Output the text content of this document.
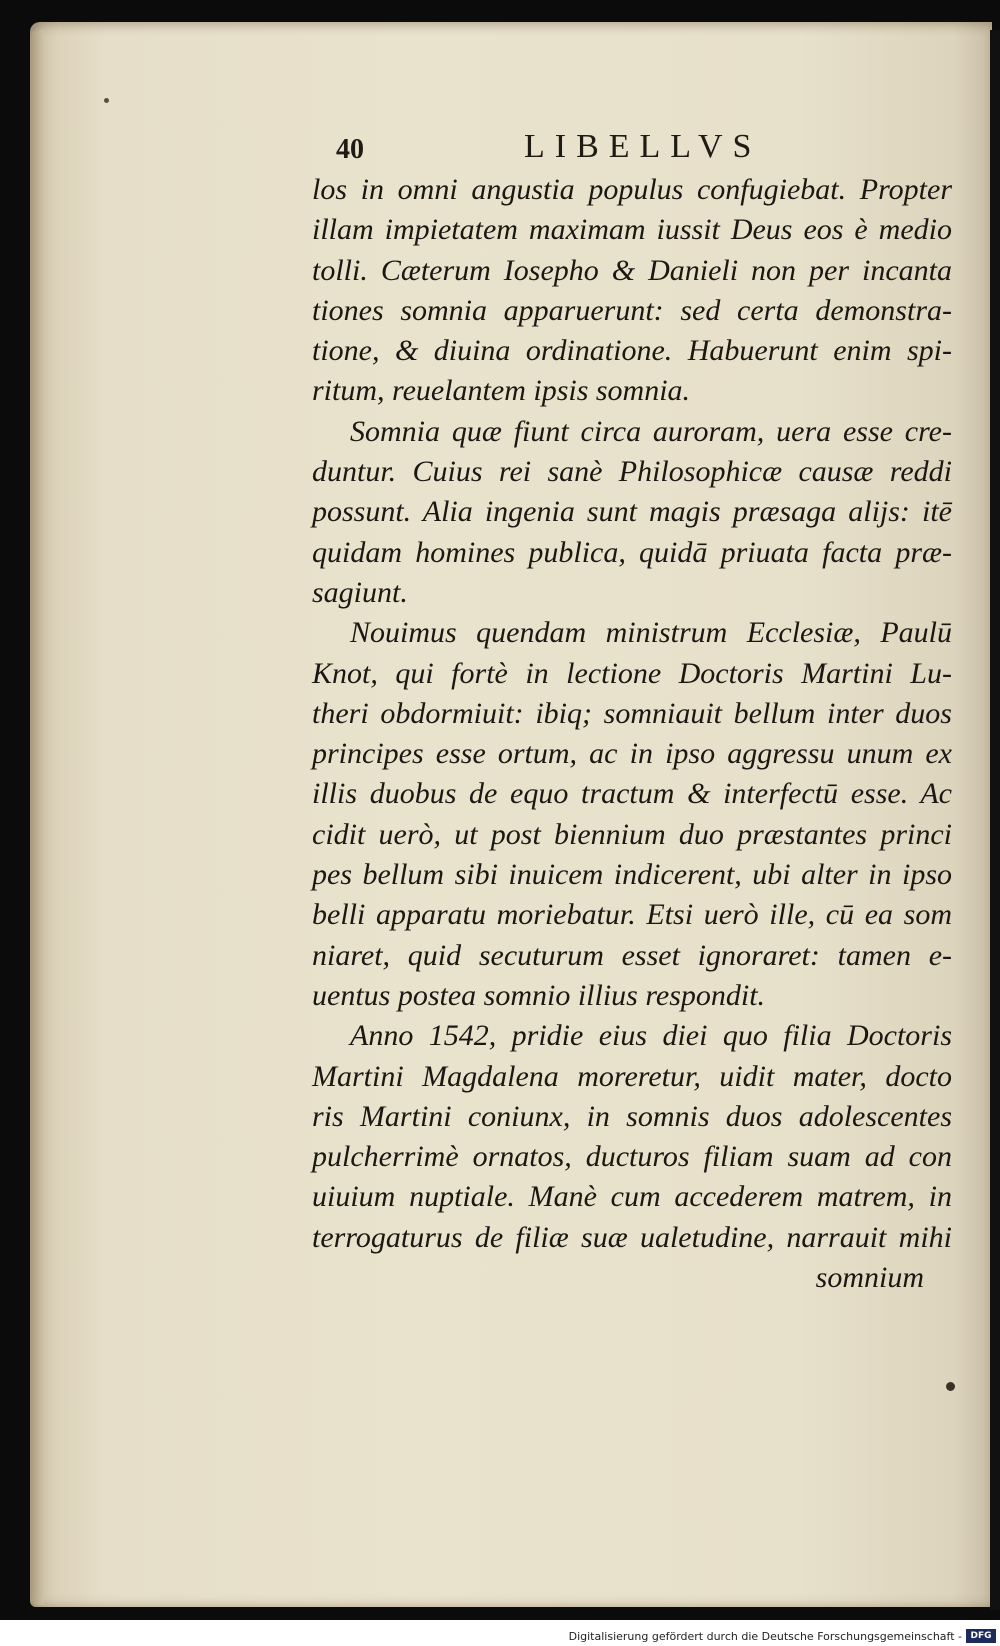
40	LIBELLVS
los in omni angustia populus confugiebat. Propter
illam impietatem maximam iussit Deus eos è medio
tolli. Cæterum Iosepho & Danieli non per incanta
tiones somnia apparuerunt: sed certa demonstra-
tione, & diuina ordinatione. Habuerunt enim spi-
ritum, reuelantem ipsis somnia.
Somnia quæ fiunt circa auroram, uera esse cre-
duntur. Cuius rei sanè Philosophicæ causæ reddi
possunt. Alia ingenia sunt magis præsaga alijs: itē
quidam homines publica, quidā priuata facta præ-
sagiunt.
Nouimus quendam ministrum Ecclesiæ, Paulū
Knot, qui fortè in lectione Doctoris Martini Lu-
theri obdormiuit: ibiq; somniauit bellum inter duos
principes esse ortum, ac in ipso aggressu unum ex
illis duobus de equo tractum & interfectū esse. Ac
cidit uerò, ut post biennium duo præstantes princi
pes bellum sibi inuicem indicerent, ubi alter in ipso
belli apparatu moriebatur. Etsi uerò ille, cū ea som
niaret, quid secuturum esset ignoraret: tamen e-
uentus postea somnio illius respondit.
Anno 1542, pridie eius diei quo filia Doctoris
Martini Magdalena moreretur, uidit mater, docto
ris Martini coniunx, in somnis duos adolescentes
pulcherrimè ornatos, ducturos filiam suam ad con
uiuium nuptiale. Manè cum accederem matrem, in
terrogaturus de filiæ suæ ualetudine, narrauit mihi
somnium
Digitalisierung gefördert durch die Deutsche Forschungsgemeinschaft - DFG
